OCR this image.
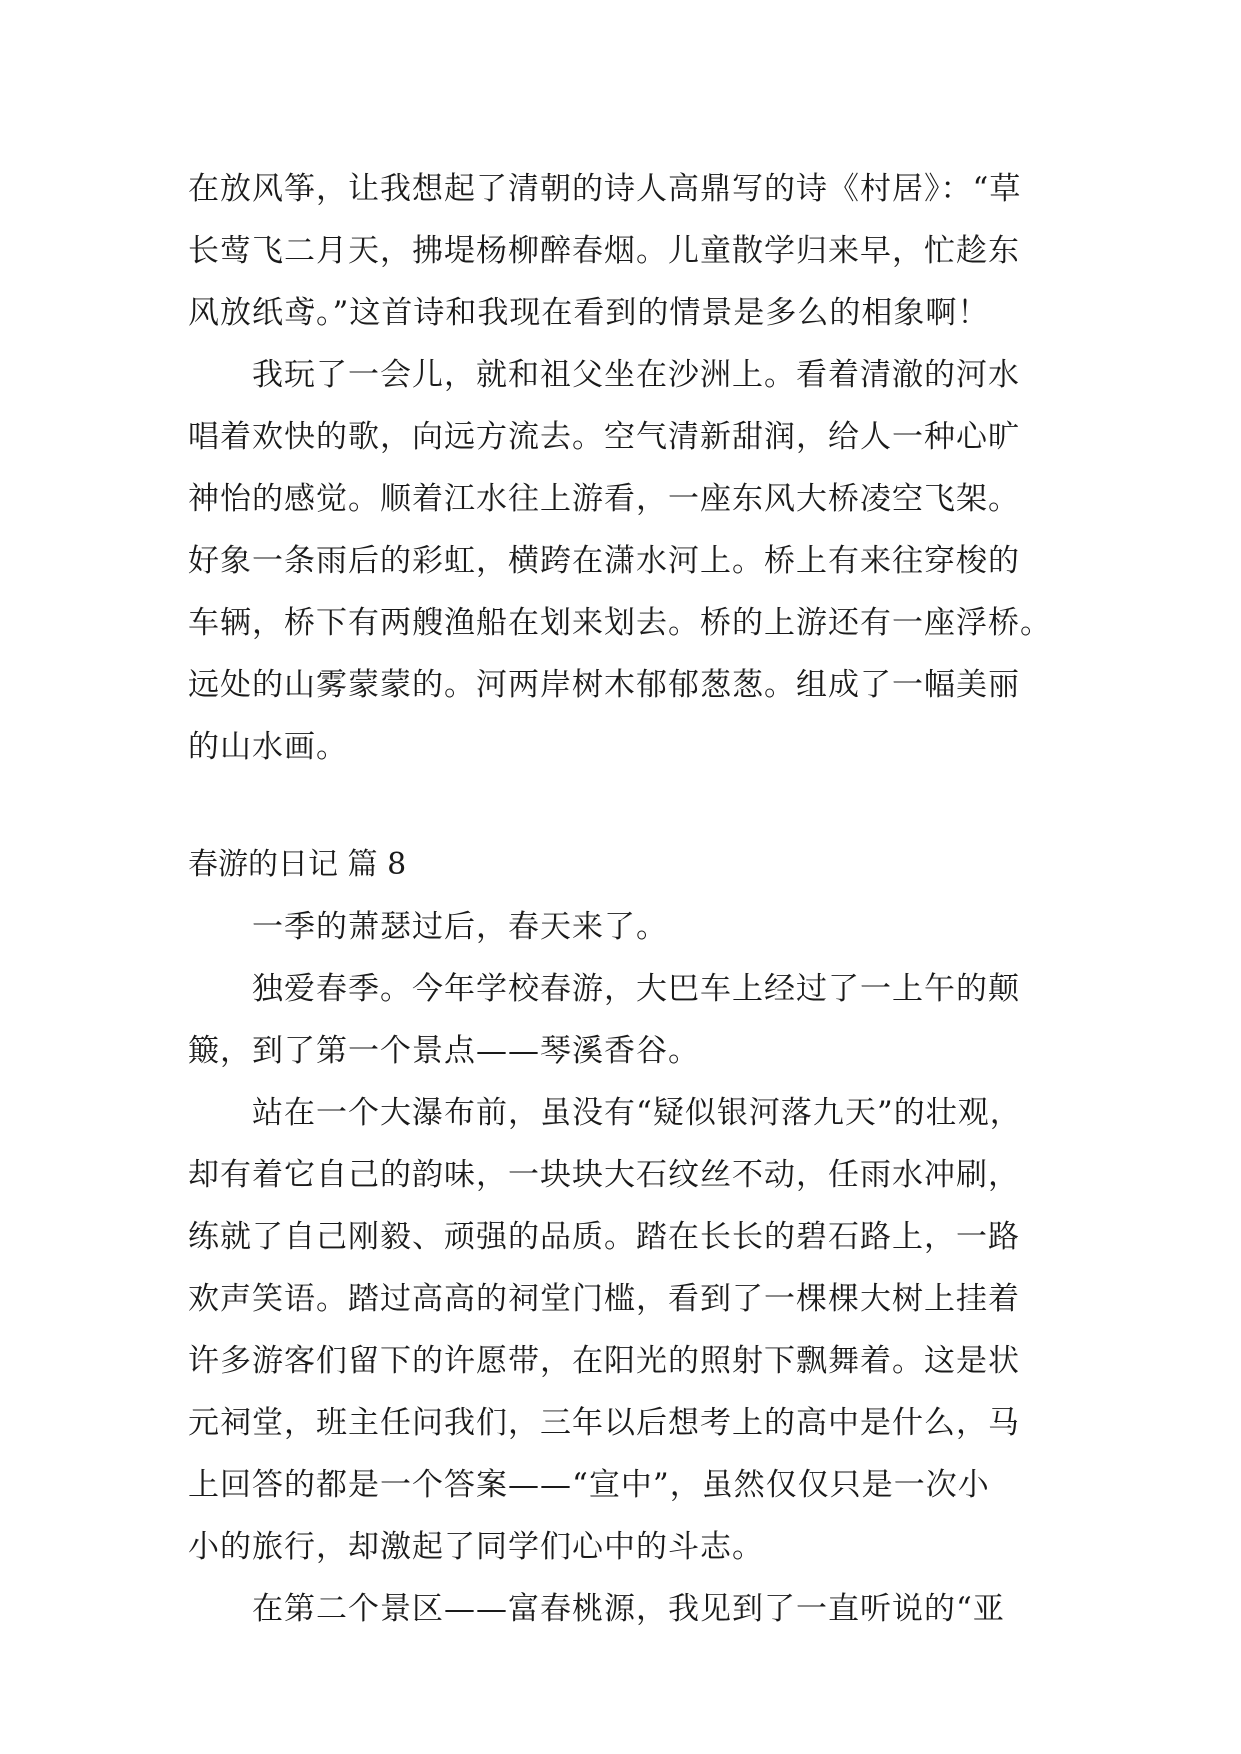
在放风筝，让我想起了清朝的诗人高鼎写的诗《村居》：“草
长莺飞二月天，拂堤杨柳醉春烟。儿童散学归来早，忙趁东
风放纸鸢。”这首诗和我现在看到的情景是多么的相象啊！
我玩了一会儿，就和祖父坐在沙洲上。看着清澈的河水
唱着欢快的歌，向远方流去。空气清新甜润，给人一种心旷
神怡的感觉。顺着江水往上游看，一座东风大桥凌空飞架。
好象一条雨后的彩虹，横跨在潇水河上。桥上有来往穿梭的
车辆，桥下有两艘渔船在划来划去。桥的上游还有一座浮桥。
远处的山雾蒙蒙的。河两岸树木郁郁葱葱。组成了一幅美丽
的山水画。
春游的日记 篇 8
一季的萧瑟过后，春天来了。
独爱春季。今年学校春游，大巴车上经过了一上午的颠
簸，到了第一个景点——琴溪香谷。
站在一个大瀑布前，虽没有“疑似银河落九天”的壮观，
却有着它自己的韵味，一块块大石纹丝不动，任雨水冲刷，
练就了自己刚毅、顽强的品质。踏在长长的碧石路上，一路
欢声笑语。踏过高高的祠堂门槛，看到了一棵棵大树上挂着
许多游客们留下的许愿带，在阳光的照射下飘舞着。这是状
元祠堂，班主任问我们，三年以后想考上的高中是什么，马
上回答的都是一个答案——“宣中”，虽然仅仅只是一次小
小的旅行，却激起了同学们心中的斗志。
在第二个景区——富春桃源，我见到了一直听说的“亚
